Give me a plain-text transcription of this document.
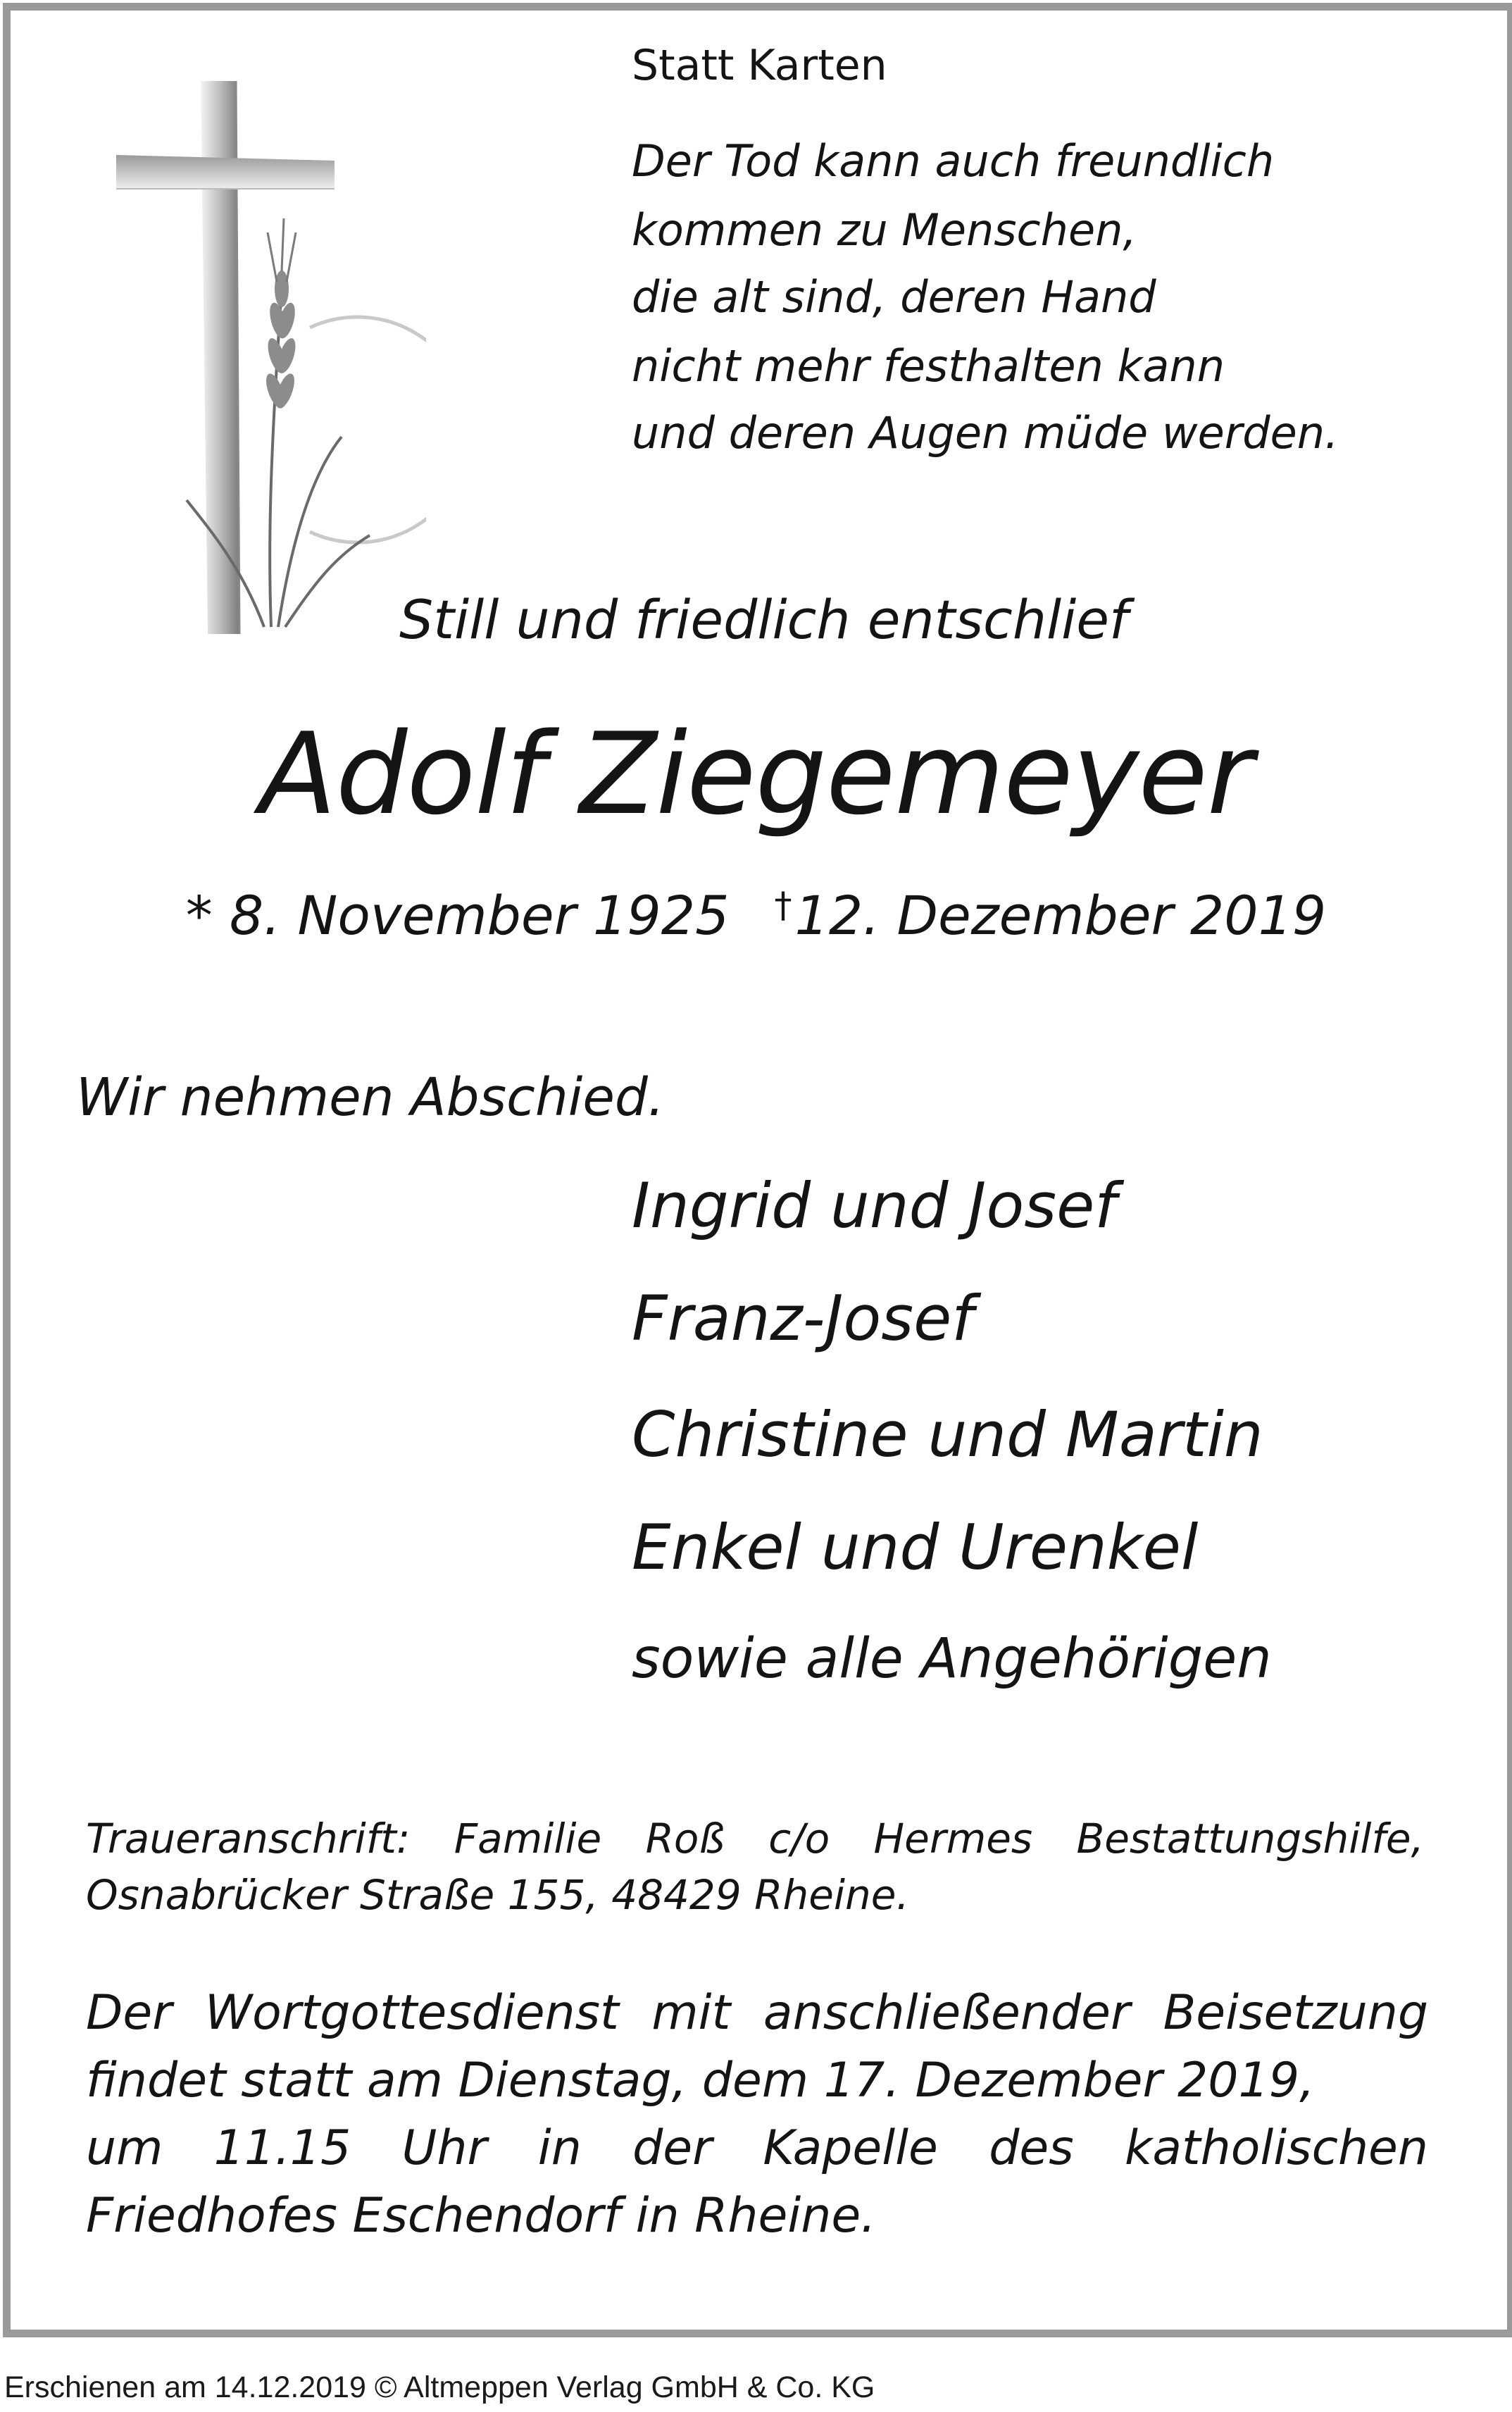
Statt Karten
Der Tod kann auch freundlich
kommen zu Menschen,
die alt sind, deren Hand
nicht mehr festhalten kann
und deren Augen müde werden.
Still und friedlich entschlief
Adolf Ziegemeyer
* 8. November 1925 †12. Dezember 2019
Wir nehmen Abschied.
Ingrid und Josef
Franz-Josef
Christine und Martin
Enkel und Urenkel
sowie alle Angehörigen
Traueranschrift: Familie Roß c/o Hermes Bestattungshilfe,
Osnabrücker Straße 155, 48429 Rheine.
Der Wortgottesdienst mit anschließender Beisetzung
findet statt am Dienstag, dem 17. Dezember 2019,
um 11.15 Uhr in der Kapelle des katholischen
Friedhofes Eschendorf in Rheine.
Erschienen am 14.12.2019 © Altmeppen Verlag GmbH & Co. KG
